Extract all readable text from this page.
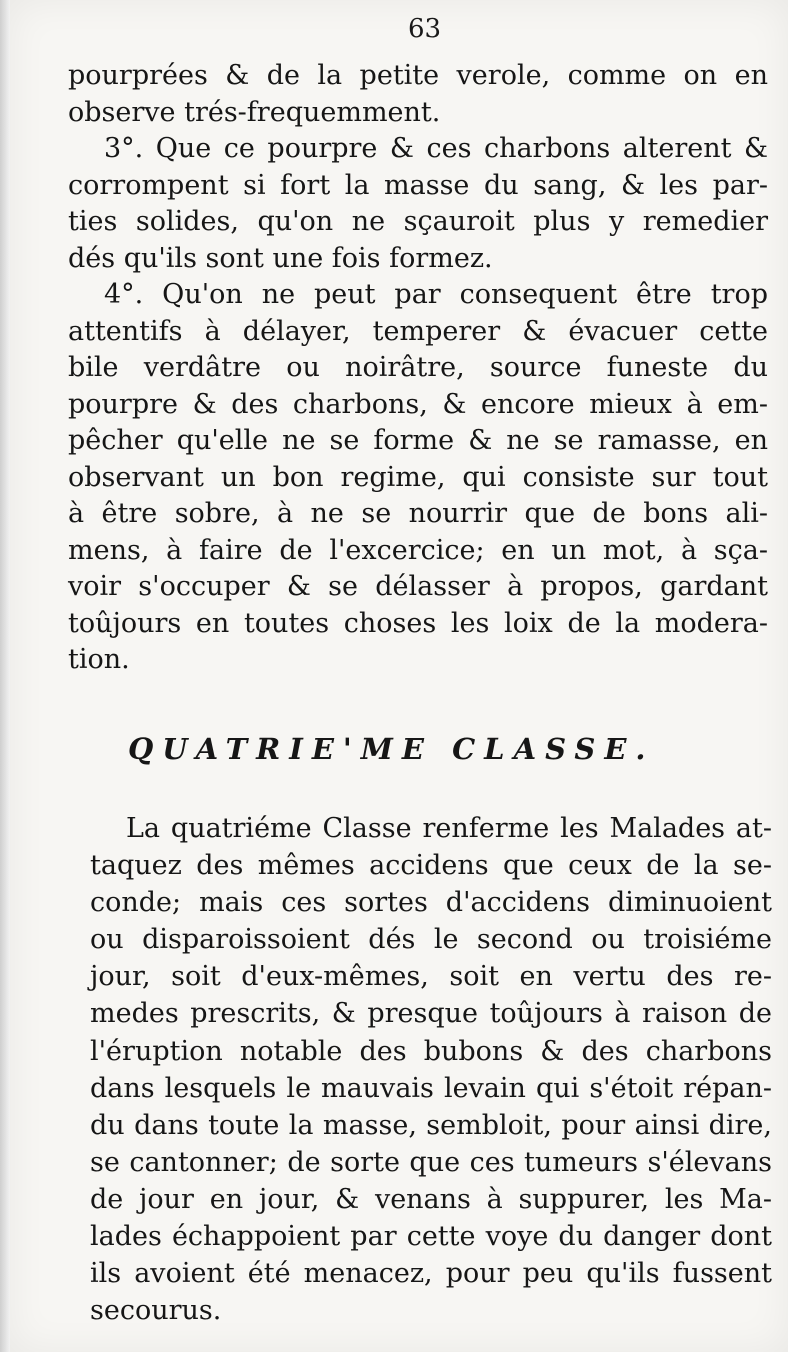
63
pourprées & de la petite verole, comme on en
observe trés-frequemment.
3°. Que ce pourpre & ces charbons alterent &
corrompent si fort la masse du sang, & les par-
ties solides, qu'on ne sçauroit plus y remedier
dés qu'ils sont une fois formez.
4°. Qu'on ne peut par consequent être trop
attentifs à délayer, temperer & évacuer cette
bile verdâtre ou noirâtre, source funeste du
pourpre & des charbons, & encore mieux à em-
pêcher qu'elle ne se forme & ne se ramasse, en
observant un bon regime, qui consiste sur tout
à être sobre, à ne se nourrir que de bons ali-
mens, à faire de l'excercice; en un mot, à sça-
voir s'occuper & se délasser à propos, gardant
toûjours en toutes choses les loix de la modera-
tion.
QUATRIE'ME CLASSE.
La quatriéme Classe renferme les Malades at-
taquez des mêmes accidens que ceux de la se-
conde; mais ces sortes d'accidens diminuoient
ou disparoissoient dés le second ou troisiéme
jour, soit d'eux-mêmes, soit en vertu des re-
medes prescrits, & presque toûjours à raison de
l'éruption notable des bubons & des charbons
dans lesquels le mauvais levain qui s'étoit répan-
du dans toute la masse, sembloit, pour ainsi dire,
se cantonner; de sorte que ces tumeurs s'élevans
de jour en jour, & venans à suppurer, les Ma-
lades échappoient par cette voye du danger dont
ils avoient été menacez, pour peu qu'ils fussent
secourus.
